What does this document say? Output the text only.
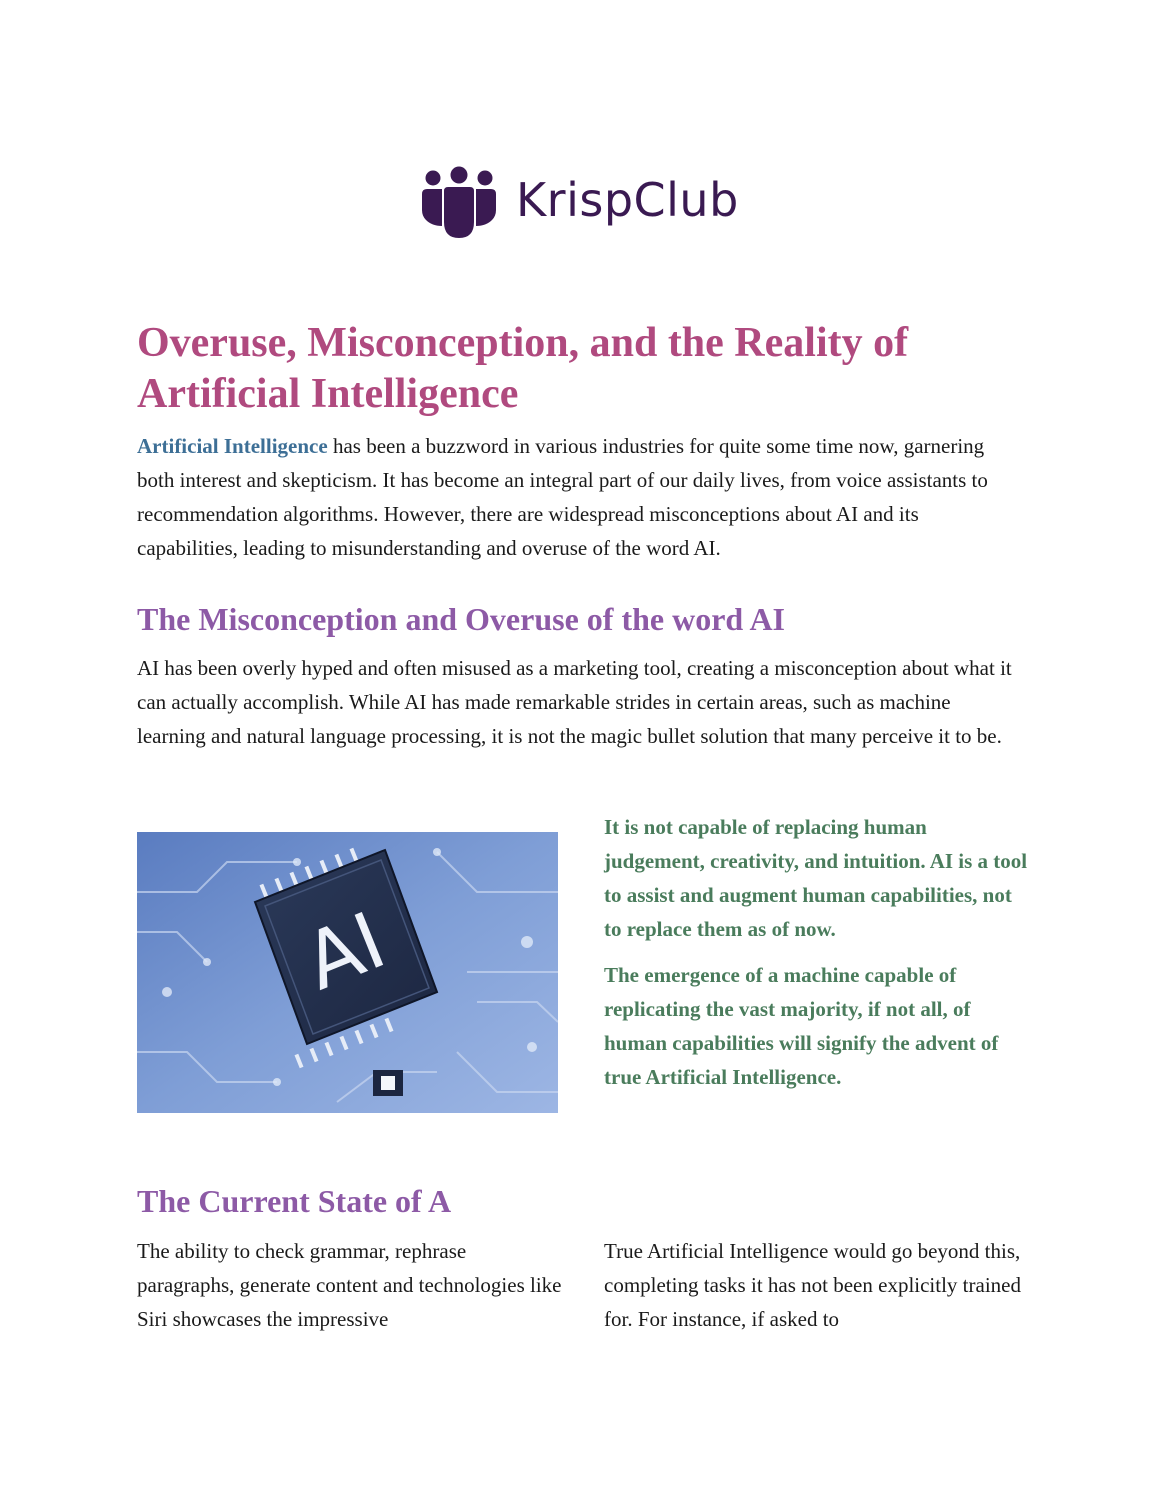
KrispClub
Overuse, Misconception, and the Reality of Artificial Intelligence

Artificial Intelligence has been a buzzword in various industries for quite some time now, garnering both interest and skepticism. It has become an integral part of our daily lives, from voice assistants to recommendation algorithms. However, there are widespread misconceptions about AI and its capabilities, leading to misunderstanding and overuse of the word AI.

The Misconception and Overuse of the word AI

AI has been overly hyped and often misused as a marketing tool, creating a misconception about what it can actually accomplish. While AI has made remarkable strides in certain areas, such as machine learning and natural language processing, it is not the magic bullet solution that many perceive it to be.

AI

It is not capable of replacing human judgement, creativity, and intuition. AI is a tool to assist and augment human capabilities, not to replace them as of now.

The emergence of a machine capable of replicating the vast majority, if not all, of human capabilities will signify the advent of true Artificial Intelligence.

The Current State of A

The ability to check grammar, rephrase paragraphs, generate content and technologies like Siri showcases the impressive

True Artificial Intelligence would go beyond this, completing tasks it has not been explicitly trained for. For instance, if asked to
